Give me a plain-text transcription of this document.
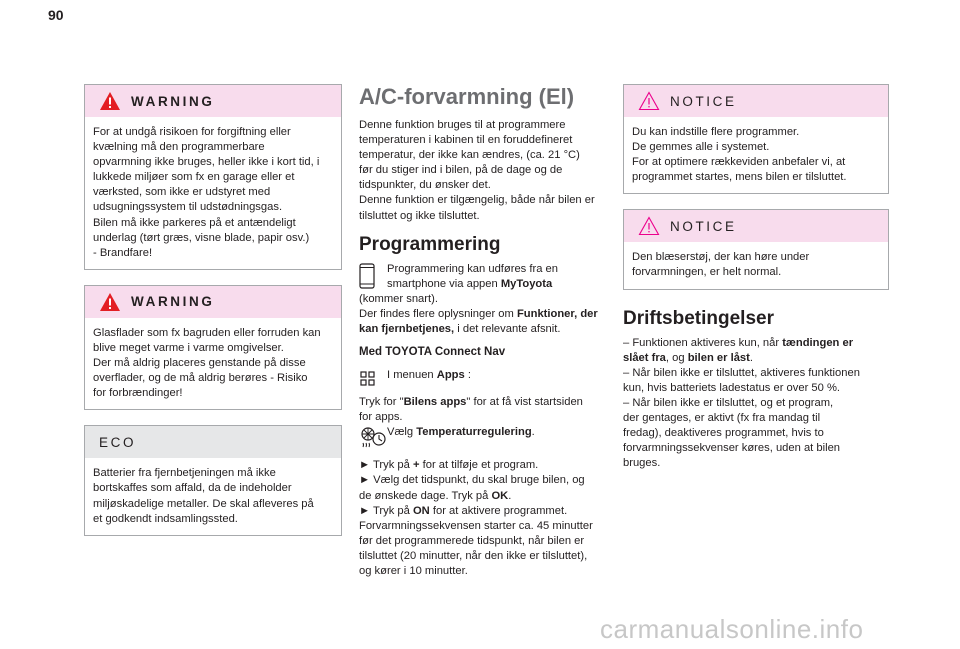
90
WARNING

For at undgå risikoen for forgiftning eller

kvælning må den programmerbare

opvarmning ikke bruges, heller ikke i kort tid, i

lukkede miljøer som fx en garage eller et

værksted, som ikke er udstyret med

udsugningssystem til udstødningsgas.

Bilen må ikke parkeres på et antændeligt

underlag (tørt græs, visne blade, papir osv.)

- Brandfare!

WARNING

Glasflader som fx bagruden eller forruden kan

blive meget varme i varme omgivelser.

Der må aldrig placeres genstande på disse

overflader, og de må aldrig berøres - Risiko

for forbrændinger!

ECO

Batterier fra fjernbetjeningen må ikke

bortskaffes som affald, da de indeholder

miljøskadelige metaller. De skal afleveres på

et godkendt indsamlingssted.

A/C-forvarmning (El)

Denne funktion bruges til at programmere

temperaturen i kabinen til en foruddefineret

temperatur, der ikke kan ændres, (ca. 21 °C)

før du stiger ind i bilen, på de dage og de

tidspunkter, du ønsker det.

Denne funktion er tilgængelig, både når bilen er

tilsluttet og ikke tilsluttet.

Programmering

Programmering kan udføres fra en

smartphone via appen MyToyota

(kommer snart).

Der findes flere oplysninger om Funktioner, der

kan fjernbetjenes, i det relevante afsnit.

Med TOYOTA Connect Nav

I menuen Apps :

Tryk for "Bilens apps" for at få vist startsiden

for apps.

Vælg Temperaturregulering.

► Tryk på + for at tilføje et program.

► Vælg det tidspunkt, du skal bruge bilen, og

de ønskede dage. Tryk på OK.

► Tryk på ON for at aktivere programmet.

Forvarmningssekvensen starter ca. 45 minutter

før det programmerede tidspunkt, når bilen er

tilsluttet (20 minutter, når den ikke er tilsluttet),

og kører i 10 minutter.

NOTICE

Du kan indstille flere programmer.

De gemmes alle i systemet.

For at optimere rækkeviden anbefaler vi, at

programmet startes, mens bilen er tilsluttet.

NOTICE

Den blæserstøj, der kan høre under

forvarmningen, er helt normal.

Driftsbetingelser

– Funktionen aktiveres kun, når tændingen er

slået fra, og bilen er låst.

– Når bilen ikke er tilsluttet, aktiveres funktionen

kun, hvis batteriets ladestatus er over 50 %.

– Når bilen ikke er tilsluttet, og et program,

der gentages, er aktivt (fx fra mandag til

fredag), deaktiveres programmet, hvis to

forvarmningssekvenser køres, uden at bilen

bruges.

carmanualsonline.info
